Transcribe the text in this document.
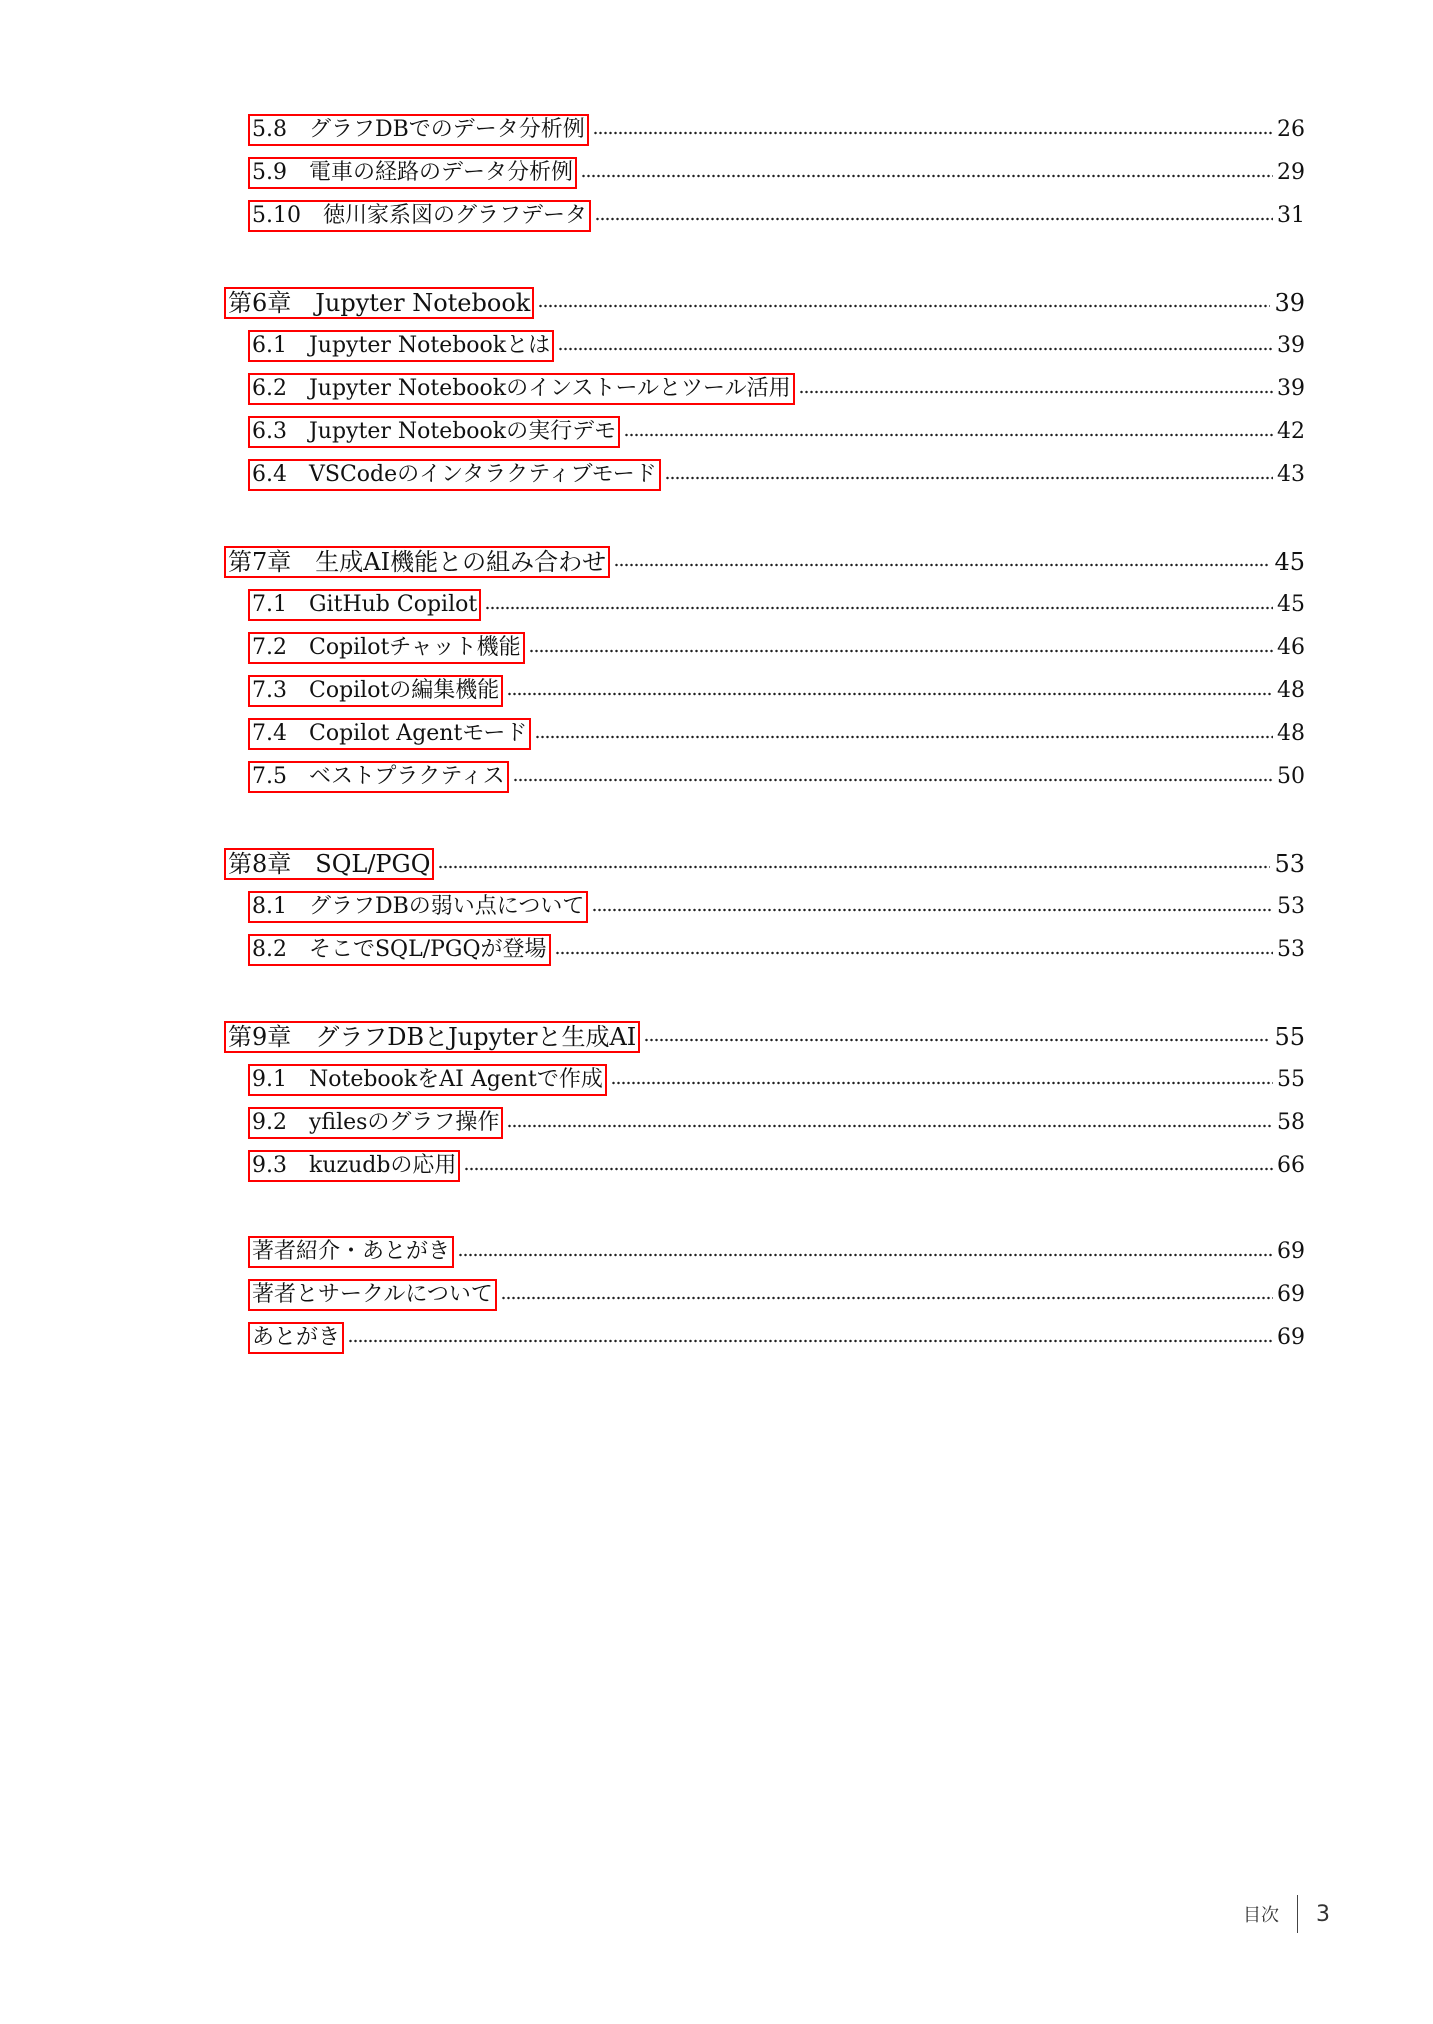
5.8　グラフDBでのデータ分析例	26
5.9　電車の経路のデータ分析例	29
5.10　徳川家系図のグラフデータ	31
第6章　Jupyter Notebook	39
6.1　Jupyter Notebookとは	39
6.2　Jupyter Notebookのインストールとツール活用	39
6.3　Jupyter Notebookの実行デモ	42
6.4　VSCodeのインタラクティブモード	43
第7章　生成AI機能との組み合わせ	45
7.1　GitHub Copilot	45
7.2　Copilotチャット機能	46
7.3　Copilotの編集機能	48
7.4　Copilot Agentモード	48
7.5　ベストプラクティス	50
第8章　SQL/PGQ	53
8.1　グラフDBの弱い点について	53
8.2　そこでSQL/PGQが登場	53
第9章　グラフDBとJupyterと生成AI	55
9.1　NotebookをAI Agentで作成	55
9.2　yfilesのグラフ操作	58
9.3　kuzudbの応用	66
著者紹介・あとがき	69
著者とサークルについて	69
あとがき	69
目次 3
